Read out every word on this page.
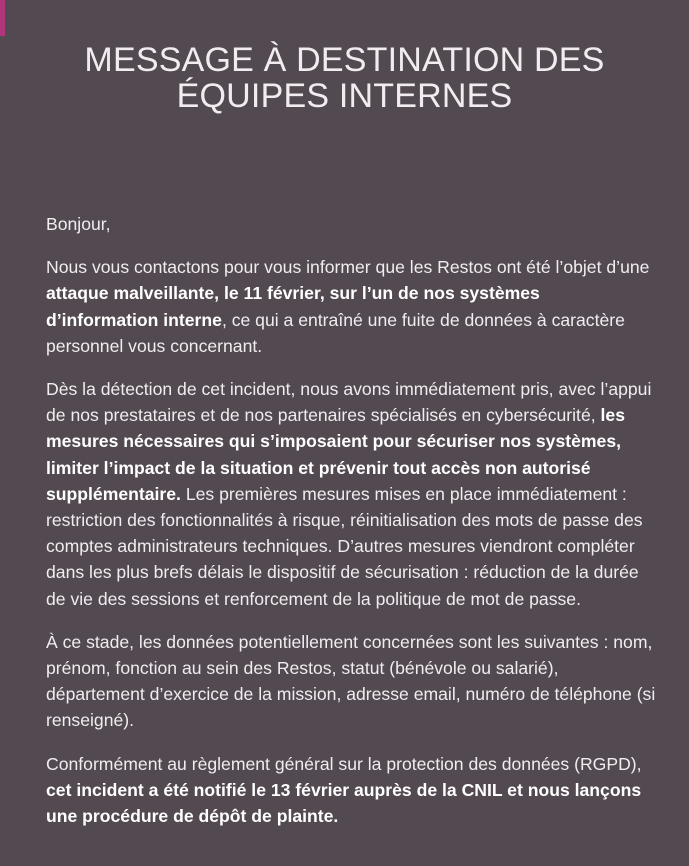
MESSAGE À DESTINATION DES
ÉQUIPES INTERNES

Bonjour,

Nous vous contactons pour vous informer que les Restos ont été l’objet d’une attaque malveillante, le 11 février, sur l’un de nos systèmes d’information interne, ce qui a entraîné une fuite de données à caractère personnel vous concernant.

Dès la détection de cet incident, nous avons immédiatement pris, avec l’appui de nos prestataires et de nos partenaires spécialisés en cybersécurité, les mesures nécessaires qui s’imposaient pour sécuriser nos systèmes, limiter l’impact de la situation et prévenir tout accès non autorisé supplémentaire. Les premières mesures mises en place immédiatement : restriction des fonctionnalités à risque, réinitialisation des mots de passe des comptes administrateurs techniques. D’autres mesures viendront compléter dans les plus brefs délais le dispositif de sécurisation : réduction de la durée de vie des sessions et renforcement de la politique de mot de passe.

À ce stade, les données potentiellement concernées sont les suivantes : nom, prénom, fonction au sein des Restos, statut (bénévole ou salarié), département d’exercice de la mission, adresse email, numéro de téléphone (si renseigné).

Conformément au règlement général sur la protection des données (RGPD), cet incident a été notifié le 13 février auprès de la CNIL et nous lançons une procédure de dépôt de plainte.
